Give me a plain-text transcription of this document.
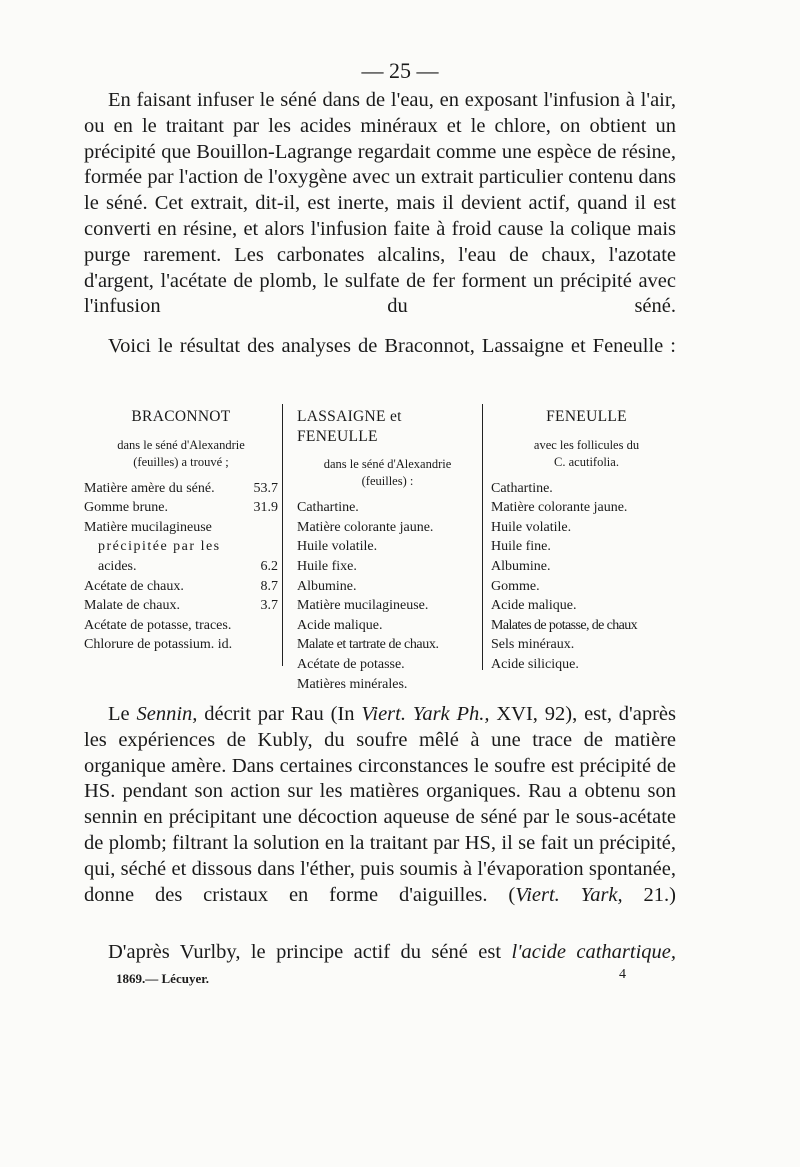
— 25 —

En faisant infuser le séné dans de l'eau, en exposant l'infusion à l'air, ou en le traitant par les acides minéraux et le chlore, on obtient un précipité que Bouillon-Lagrange regardait comme une espèce de résine, formée par l'action de l'oxygène avec un extrait particulier contenu dans le séné. Cet extrait, dit-il, est inerte, mais il devient actif, quand il est converti en résine, et alors l'infusion faite à froid cause la colique mais purge rarement. Les carbonates alcalins, l'eau de chaux, l'azotate d'argent, l'acétate de plomb, le sulfate de fer forment un précipité avec l'infusion du séné.

Voici le résultat des analyses de Braconnot, Lassaigne et Feneulle :

BRACONNOT
dans le séné d'Alexandrie
(feuilles) a trouvé ;
Matière amère du séné.	53.7
Gomme brune.	31.9
Matière mucilagineuse
précipitée par les
acides.	6.2
Acétate de chaux.	8.7
Malate de chaux.	3.7
Acétate de potasse, traces.
Chlorure de potassium. id.
LASSAIGNE et FENEULLE
dans le séné d'Alexandrie
(feuilles) :
Cathartine.
Matière colorante jaune.
Huile volatile.
Huile fixe.
Albumine.
Matière mucilagineuse.
Acide malique.
Malate et tartrate de chaux.
Acétate de potasse.
Matières minérales.
FENEULLE
avec les follicules du
C. acutifolia.
Cathartine.
Matière colorante jaune.
Huile volatile.
Huile fine.
Albumine.
Gomme.
Acide malique.
Malates de potasse, de chaux
Sels minéraux.
Acide silicique.

Le Sennin, décrit par Rau (In Viert. Yark Ph., XVI, 92), est, d'après les expériences de Kubly, du soufre mêlé à une trace de matière organique amère. Dans certaines circonstances le soufre est précipité de HS. pendant son action sur les matières organiques. Rau a obtenu son sennin en précipitant une décoction aqueuse de séné par le sous-acétate de plomb; filtrant la solution en la traitant par HS, il se fait un précipité, qui, séché et dissous dans l'éther, puis soumis à l'évaporation spontanée, donne des cristaux en forme d'aiguilles. (Viert. Yark, 21.)

D'après Vurlby, le principe actif du séné est l'acide cathartique,

1869.— Lécuyer.	4
